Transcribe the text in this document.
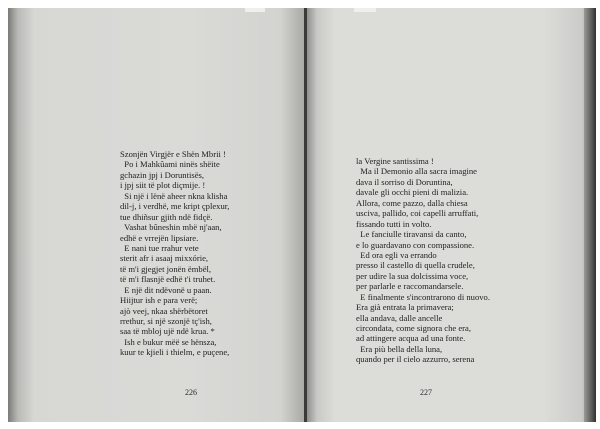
Szonjën Virgjër e Shën Mbrii !
Po i Mahkûami ninës shëite
gchazin jpj i Doruntisës,
i jpj siit të plot diçmije. !
Si një i lënë aheer nkna klisha
dil-j, i verdhë, me kript çplexur,
tue dhiñsur gjith ndë fidçë.
Vashat bûneshin mbë nj'aan,
edhë e vrrejën lipsiare.
E nani tue rrahur vete
sterit afr i asaaj mixxórie,
të m'i gjegjet jonën ëmbël,
të m'i flasnjë edhë t'i truhet.
E një dit ndëvonë u paan.
Hiijtur ish e para verë;
ajò veej, nkaa shërbëtoret
rrethur, si një szonjë tç'ish,
saa të mbloj ujë ndë krua. *
Ish e bukur mëë se hënsza,
kuur te kjieli i thielm, e puçene,
226
la Vergine santissima !
Ma il Demonio alla sacra imagine
dava il sorriso di Doruntina,
davale gli occhi pieni di malizia.
Allora, come pazzo, dalla chiesa
usciva, pallido, coi capelli arruffati,
fissando tutti in volto.
Le fanciulle tiravansi da canto,
e lo guardavano con compassione.
Ed ora egli va errando
presso il castello di quella crudele,
per udire la sua dolcissima voce,
per parlarle e raccomandarsele.
E finalmente s'incontrarono di nuovo.
Era già entrata la primavera;
ella andava, dalle ancelle
circondata, come signora che era,
ad attingere acqua ad una fonte.
Era più bella della luna,
quando per il cielo azzurro, serena
227
